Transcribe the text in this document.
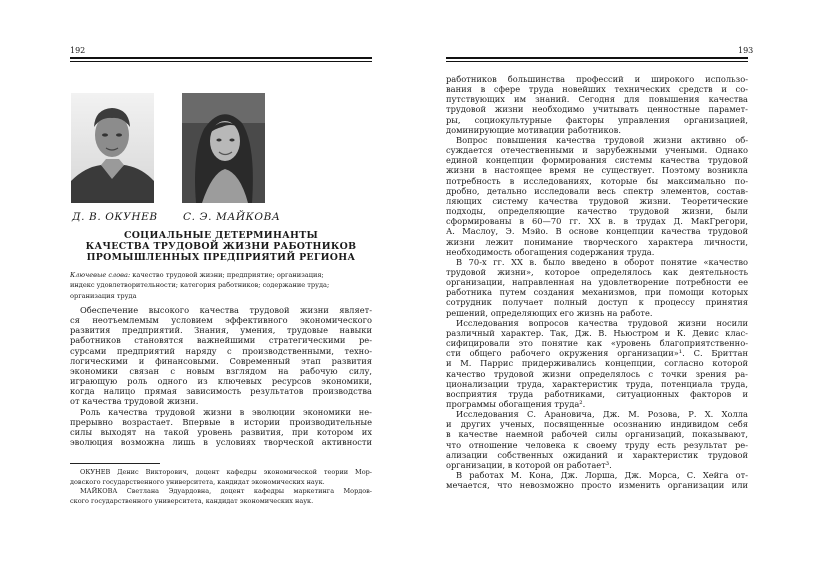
192
Д. В. ОКУНЕВ С. Э. МАЙКОВА
СОЦИАЛЬНЫЕ ДЕТЕРМИНАНТЫ
КАЧЕСТВА ТРУДОВОЙ ЖИЗНИ РАБОТНИКОВ
ПРОМЫШЛЕННЫХ ПРЕДПРИЯТИЙ РЕГИОНА
Ключевые слова: качество трудовой жизни; предприятие; организация;
индекс удовлетворительности; категория работников; содержание труда;
организация труда
Обеспечение высокого качества трудовой жизни являет-
ся неотъемлемым условием эффективного экономического
развития предприятий. Знания, умения, трудовые навыки
работников становятся важнейшими стратегическими ре-
сурсами предприятий наряду с производственными, техно-
логическими и финансовыми. Современный этап развития
экономики связан с новым взглядом на рабочую силу,
играющую роль одного из ключевых ресурсов экономики,
когда налицо прямая зависимость результатов производства
от качества трудовой жизни.
Роль качества трудовой жизни в эволюции экономики не-
прерывно возрастает. Впервые в истории производительные
силы выходят на такой уровень развития, при котором их
эволюция возможна лишь в условиях творческой активности
ОКУНЕВ Денис Викторович, доцент кафедры экономической теории Мор-
довского государственного университета, кандидат экономических наук.
МАЙКОВА Светлана Эдуардовна, доцент кафедры маркетинга Мордов-
ского государственного университета, кандидат экономических наук.
193
работников большинства профессий и широкого использо-
вания в сфере труда новейших технических средств и со-
путствующих им знаний. Сегодня для повышения качества
трудовой жизни необходимо учитывать ценностные парамет-
ры, социокультурные факторы управления организацией,
доминирующие мотивации работников.
Вопрос повышения качества трудовой жизни активно об-
суждается отечественными и зарубежными учеными. Однако
единой концепции формирования системы качества трудовой
жизни в настоящее время не существует. Поэтому возникла
потребность в исследованиях, которые бы максимально по-
дробно, детально исследовали весь спектр элементов, состав-
ляющих систему качества трудовой жизни. Теоретические
подходы, определяющие качество трудовой жизни, были
сформированы в 60—70 гг. XX в. в трудах Д. МакГрегори,
А. Маслоу, Э. Мэйо. В основе концепции качества трудовой
жизни лежит понимание творческого характера личности,
необходимость обогащения содержания труда.
В 70-х гг. XX в. было введено в оборот понятие «качество
трудовой жизни», которое определялось как деятельность
организации, направленная на удовлетворение потребности ее
работника путем создания механизмов, при помощи которых
сотрудник получает полный доступ к процессу принятия
решений, определяющих его жизнь на работе.
Исследования вопросов качества трудовой жизни носили
различный характер. Так, Дж. В. Ньюстром и К. Девис клас-
сифицировали это понятие как «уровень благоприятственно-
сти общего рабочего окружения организации»¹. С. Бриттан
и М. Паррис придерживались концепции, согласно которой
качество трудовой жизни определялось с точки зрения ра-
ционализации труда, характеристик труда, потенциала труда,
восприятия труда работниками, ситуационных факторов и
программы обогащения труда².
Исследования С. Арановича, Дж. М. Розова, Р. Х. Холла
и других ученых, посвященные осознанию индивидом себя
в качестве наемной рабочей силы организаций, показывают,
что отношение человека к своему труду есть результат ре-
ализации собственных ожиданий и характеристик трудовой
организации, в которой он работает³.
В работах М. Кона, Дж. Лорша, Дж. Морса, С. Хейга от-
мечается, что невозможно просто изменить организации или
